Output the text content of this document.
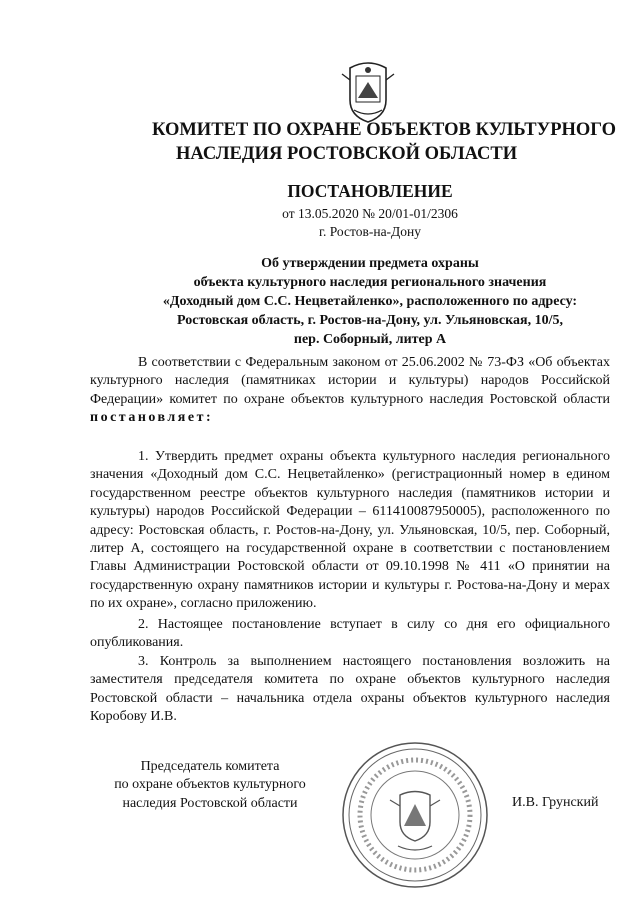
КОМИТЕТ ПО ОХРАНЕ ОБЪЕКТОВ КУЛЬТУРНОГО
НАСЛЕДИЯ РОСТОВСКОЙ ОБЛАСТИ
ПОСТАНОВЛЕНИЕ
от 13.05.2020 № 20/01-01/2306
г. Ростов-на-Дону
Об утверждении предмета охраны
объекта культурного наследия регионального значения
«Доходный дом С.С. Нецветайленко», расположенного по адресу:
Ростовская область, г. Ростов-на-Дону, ул. Ульяновская, 10/5,
пер. Соборный, литер А
В соответствии с Федеральным законом от 25.06.2002 № 73-ФЗ «Об объектах культурного наследия (памятниках истории и культуры) народов Российской Федерации» комитет по охране объектов культурного наследия Ростовской области постановляет:
1. Утвердить предмет охраны объекта культурного наследия регионального значения «Доходный дом С.С. Нецветайленко» (регистрационный номер в едином государственном реестре объектов культурного наследия (памятников истории и культуры) народов Российской Федерации – 611410087950005), расположенного по адресу: Ростовская область, г. Ростов-на-Дону, ул. Ульяновская, 10/5, пер. Соборный, литер А, состоящего на государственной охране в соответствии с постановлением Главы Администрации Ростовской области от 09.10.1998 № 411 «О принятии на государственную охрану памятников истории и культуры г. Ростова-на-Дону и мерах по их охране», согласно приложению.
2. Настоящее постановление вступает в силу со дня его официального опубликования.
3. Контроль за выполнением настоящего постановления возложить на заместителя председателя комитета по охране объектов культурного наследия Ростовской области – начальника отдела охраны объектов культурного наследия Коробову И.В.
Председатель комитета
по охране объектов культурного
наследия Ростовской области	И.В. Грунский
